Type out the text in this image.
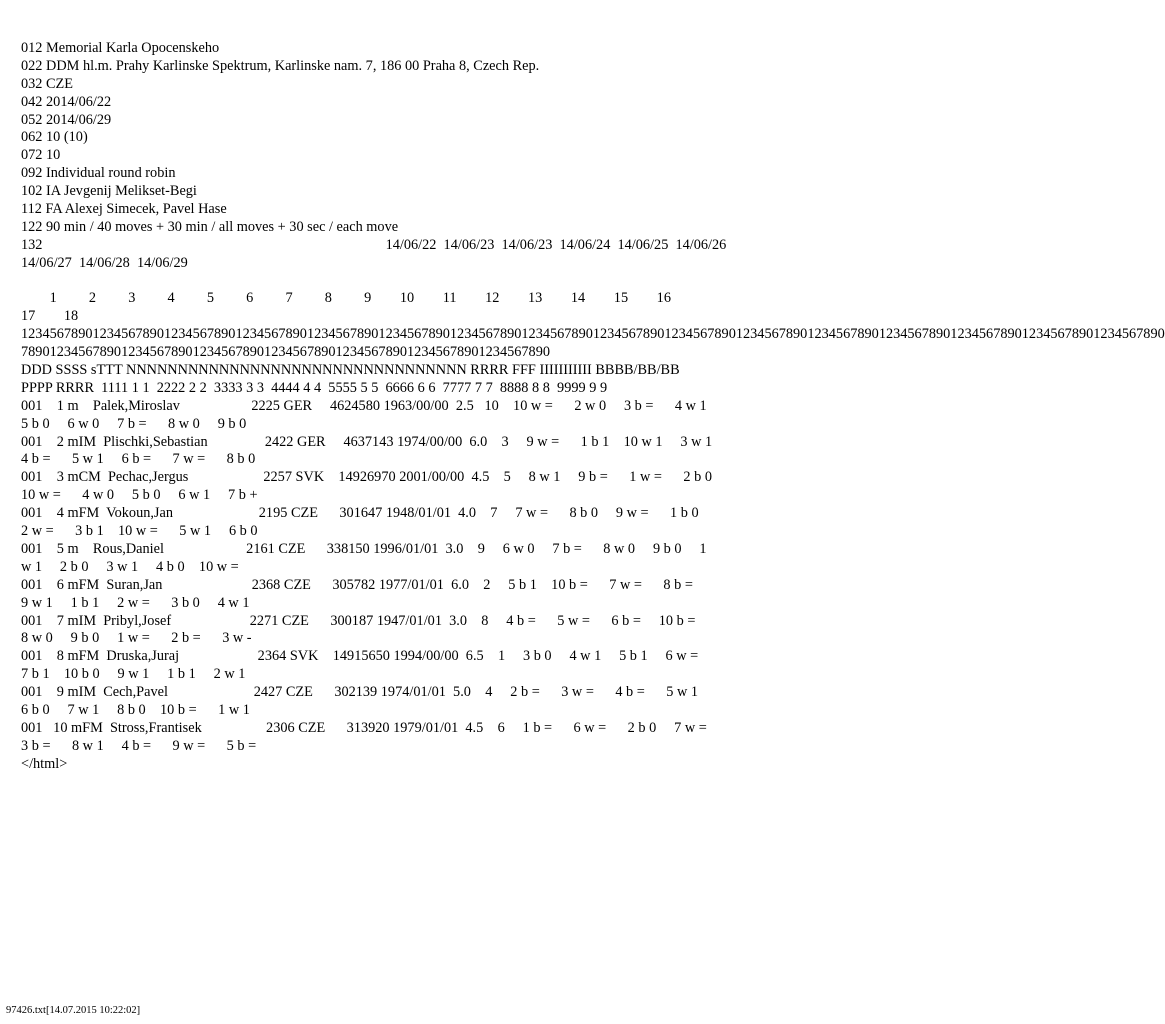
012 Memorial Karla Opocenskeho
022 DDM hl.m. Prahy Karlinske Spektrum, Karlinske nam. 7, 186 00 Praha 8, Czech Rep.
032 CZE
042 2014/06/22
052 2014/06/29
062 10 (10)
072 10
092 Individual round robin
102 IA Jevgenij Melikset-Begi
112 FA Alexej Simecek, Pavel Hase
122 90 min / 40 moves + 30 min / all moves + 30 sec / each move
132                                                                                                14/06/22  14/06/23  14/06/23  14/06/24  14/06/25  14/06/26
14/06/27  14/06/28  14/06/29
1         2         3         4         5         6         7         8         9        10        11        12        13        14        15        16
17        18
1234567890123456789012345678901234567890123456789012345678901234567890123456789012345678901234567890123456789012345678901234567890123456789012345678901234567890
78901234567890123456789012345678901234567890123456789012345678901234567890
DDD SSSS sTTT NNNNNNNNNNNNNNNNNNNNNNNNNNNNNNNNN RRRR FFF IIIIIIIIIII BBBB/BB/BB
PPPP RRRR  1111 1 1  2222 2 2  3333 3 3  4444 4 4  5555 5 5  6666 6 6  7777 7 7  8888 8 8  9999 9 9
001    1 m    Palek,Miroslav                    2225 GER     4624580 1963/00/00  2.5   10    10 w =      2 w 0     3 b =      4 w 1
5 b 0     6 w 0     7 b =      8 w 0     9 b 0
001    2 mIM  Plischki,Sebastian                2422 GER     4637143 1974/00/00  6.0    3     9 w =      1 b 1    10 w 1     3 w 1
4 b =      5 w 1     6 b =      7 w =      8 b 0
001    3 mCM  Pechac,Jergus                     2257 SVK    14926970 2001/00/00  4.5    5     8 w 1     9 b =      1 w =      2 b 0
10 w =      4 w 0     5 b 0     6 w 1     7 b +
001    4 mFM  Vokoun,Jan                        2195 CZE      301647 1948/01/01  4.0    7     7 w =      8 b 0     9 w =      1 b 0
2 w =      3 b 1    10 w =      5 w 1     6 b 0
001    5 m    Rous,Daniel                       2161 CZE      338150 1996/01/01  3.0    9     6 w 0     7 b =      8 w 0     9 b 0     1
w 1     2 b 0     3 w 1     4 b 0    10 w =
001    6 mFM  Suran,Jan                         2368 CZE      305782 1977/01/01  6.0    2     5 b 1    10 b =      7 w =      8 b =
9 w 1     1 b 1     2 w =      3 b 0     4 w 1
001    7 mIM  Pribyl,Josef                      2271 CZE      300187 1947/01/01  3.0    8     4 b =      5 w =      6 b =     10 b =
8 w 0     9 b 0     1 w =      2 b =      3 w -
001    8 mFM  Druska,Juraj                      2364 SVK    14915650 1994/00/00  6.5    1     3 b 0     4 w 1     5 b 1     6 w =
7 b 1    10 b 0     9 w 1     1 b 1     2 w 1
001    9 mIM  Cech,Pavel                        2427 CZE      302139 1974/01/01  5.0    4     2 b =      3 w =      4 b =      5 w 1
6 b 0     7 w 1     8 b 0    10 b =      1 w 1
001   10 mFM  Stross,Frantisek                  2306 CZE      313920 1979/01/01  4.5    6     1 b =      6 w =      2 b 0     7 w =
3 b =      8 w 1     4 b =      9 w =      5 b =
</html>
97426.txt[14.07.2015 10:22:02]
